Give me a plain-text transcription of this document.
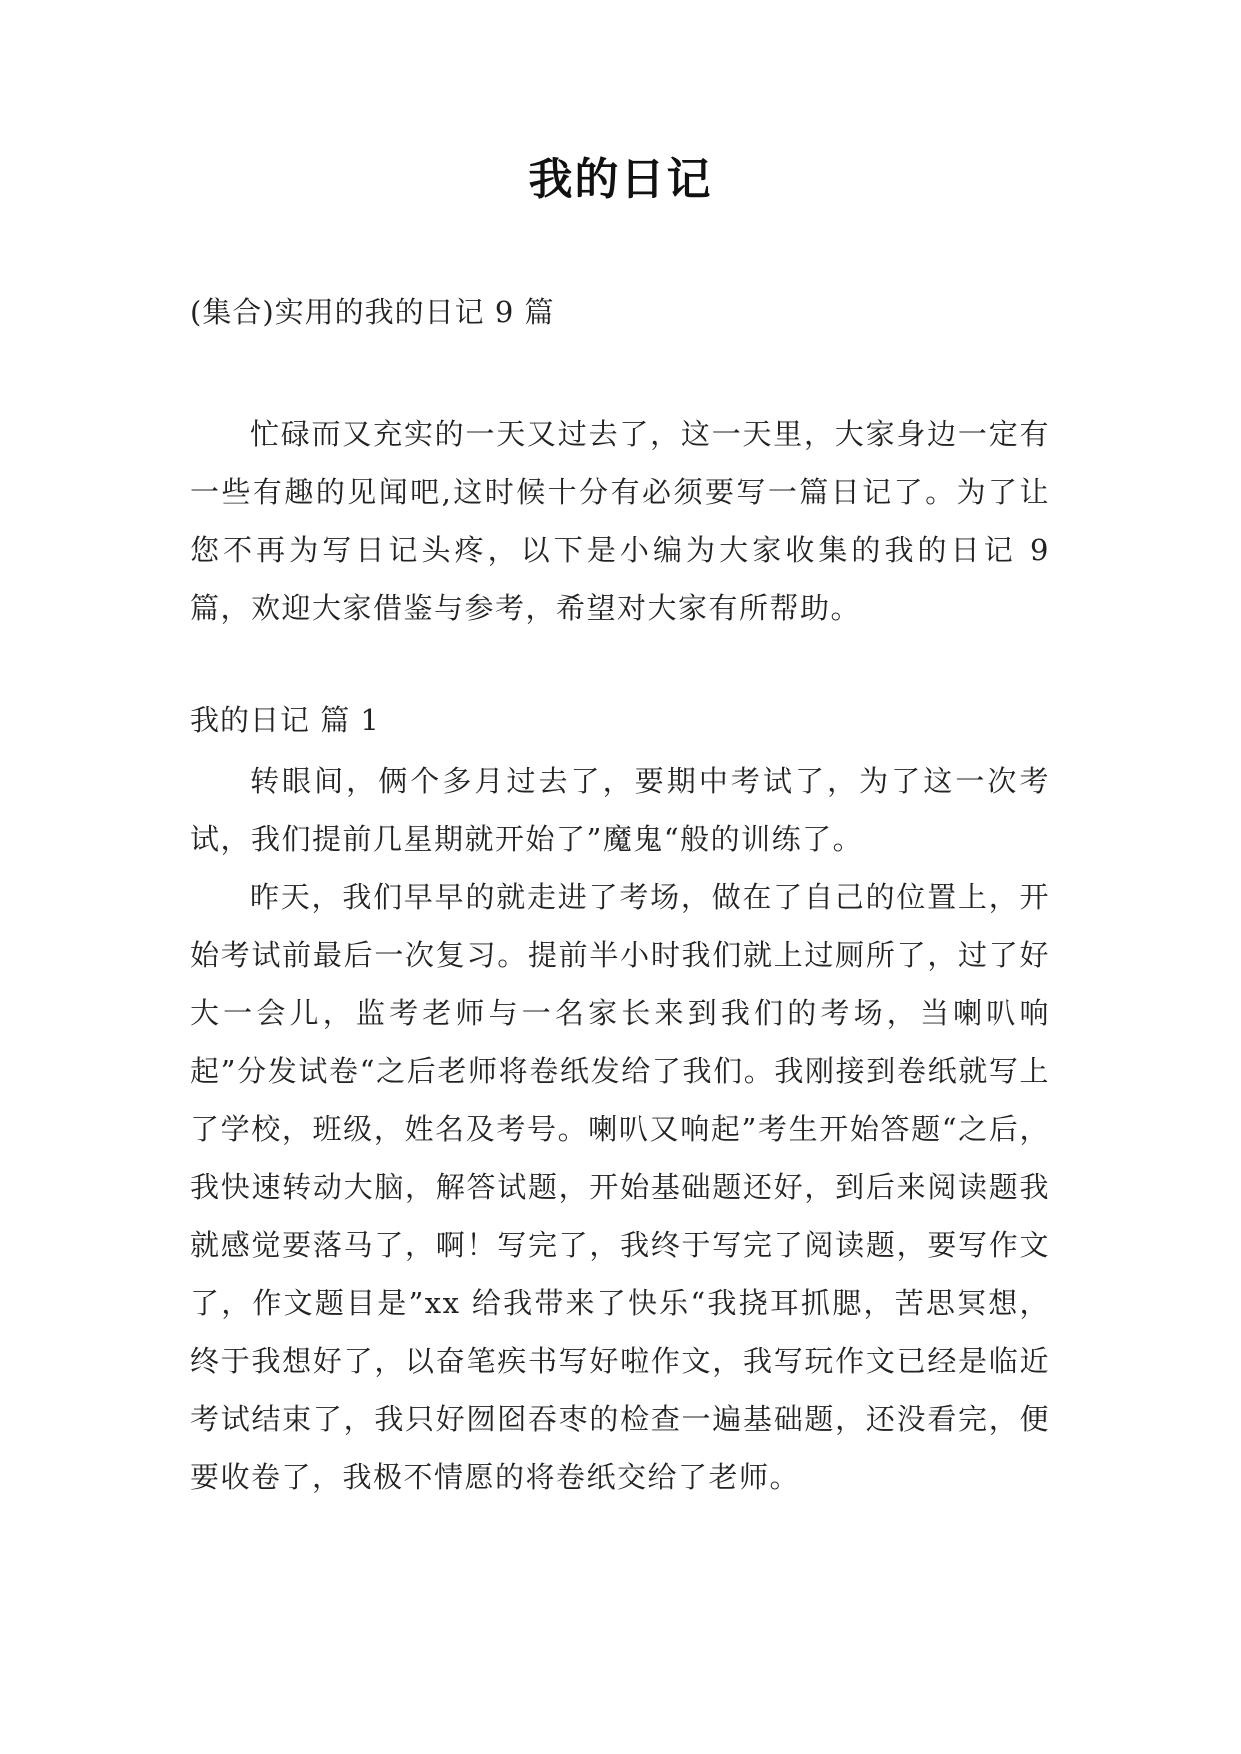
我的日记
(集合)实用的我的日记 9 篇

忙碌而又充实的一天又过去了，这一天里，大家身边一定有一些有趣的见闻吧,这时候十分有必须要写一篇日记了。为了让您不再为写日记头疼，以下是小编为大家收集的我的日记 9 篇，欢迎大家借鉴与参考，希望对大家有所帮助。

我的日记 篇 1

转眼间，俩个多月过去了，要期中考试了，为了这一次考试，我们提前几星期就开始了”魔鬼“般的训练了。

昨天，我们早早的就走进了考场，做在了自己的位置上，开始考试前最后一次复习。提前半小时我们就上过厕所了，过了好大一会儿，监考老师与一名家长来到我们的考场，当喇叭响起”分发试卷“之后老师将卷纸发给了我们。我刚接到卷纸就写上了学校，班级，姓名及考号。喇叭又响起”考生开始答题“之后，我快速转动大脑，解答试题，开始基础题还好，到后来阅读题我就感觉要落马了，啊！写完了，我终于写完了阅读题，要写作文了，作文题目是”xx 给我带来了快乐“我挠耳抓腮，苦思冥想，终于我想好了，以奋笔疾书写好啦作文，我写玩作文已经是临近考试结束了，我只好囫囵吞枣的检查一遍基础题，还没看完，便要收卷了，我极不情愿的将卷纸交给了老师。
